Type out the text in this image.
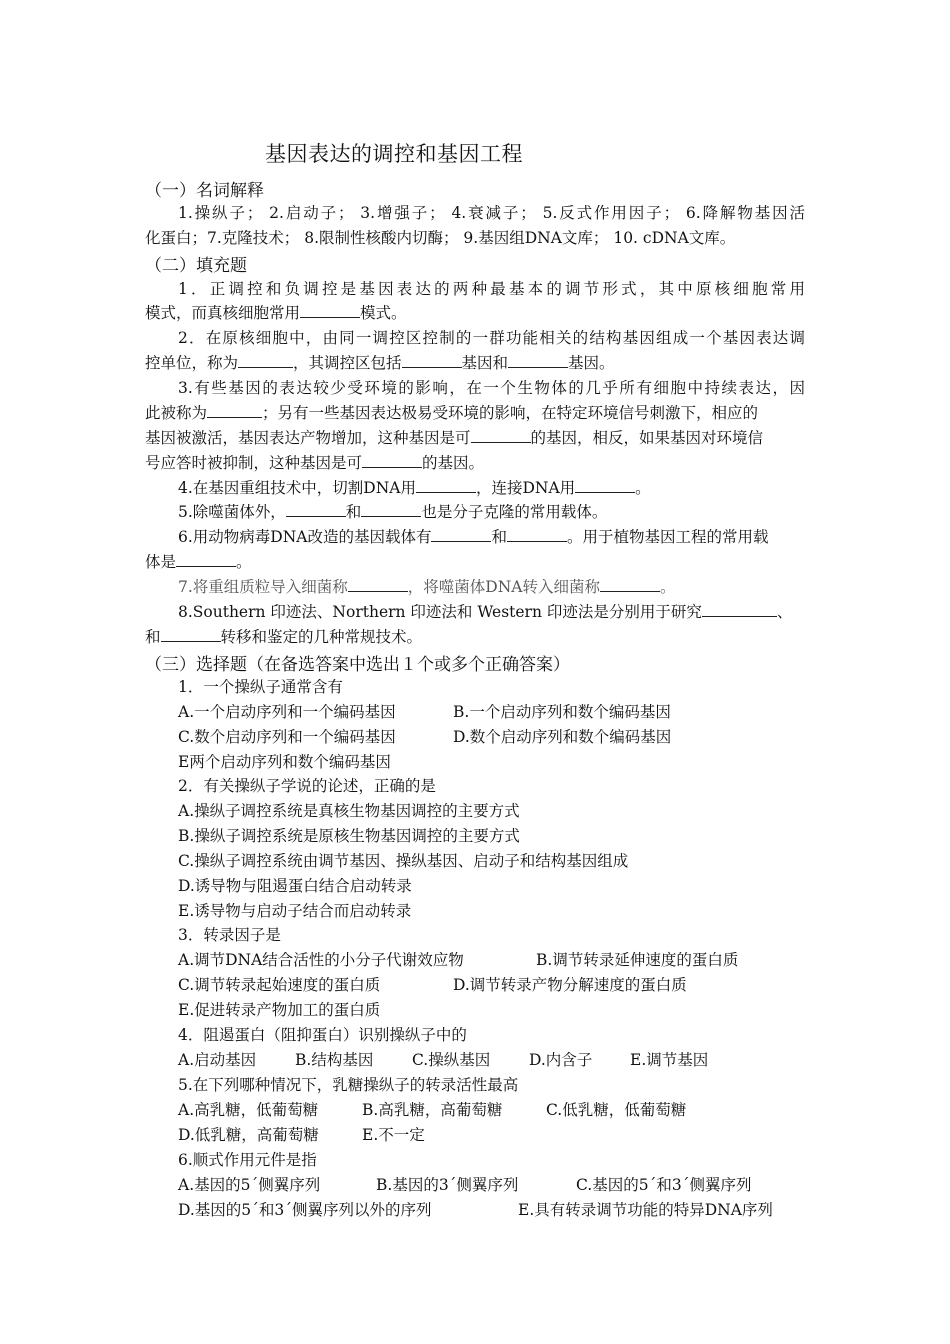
基因表达的调控和基因工程
（一）名词解释
1.操纵子； 2.启动子； 3.增强子； 4.衰减子； 5.反式作用因子； 6.降解物基因活
化蛋白；7.克隆技术； 8.限制性核酸内切酶； 9.基因组DNA文库； 10. cDNA文库。
（二）填充题
1．正调控和负调控是基因表达的两种最基本的调节形式，其中原核细胞常用
模式，而真核细胞常用	模式。
2．在原核细胞中，由同一调控区控制的一群功能相关的结构基因组成一个基因表达调
控单位，称为	，其调控区包括	基因和	基因。
3.有些基因的表达较少受环境的影响，在一个生物体的几乎所有细胞中持续表达，因
此被称为	；另有一些基因表达极易受环境的影响，在特定环境信号刺激下，相应的
基因被激活，基因表达产物增加，这种基因是可	的基因，相反，如果基因对环境信
号应答时被抑制，这种基因是可	的基因。
4.在基因重组技术中，切割DNA用	，连接DNA用	。
5.除噬菌体外，	和	也是分子克隆的常用载体。
6.用动物病毒DNA改造的基因载体有	和	。用于植物基因工程的常用载
体是	。
7.将重组质粒导入细菌称	，将噬菌体DNA转入细菌称	。
8.Southern 印迹法、Northern 印迹法和 Western 印迹法是分别用于研究	、
和	转移和鉴定的几种常规技术。
（三）选择题（在备选答案中选出１个或多个正确答案）
1．一个操纵子通常含有
A.一个启动序列和一个编码基因	B.一个启动序列和数个编码基因
C.数个启动序列和一个编码基因	D.数个启动序列和数个编码基因
E两个启动序列和数个编码基因
2．有关操纵子学说的论述，正确的是
A.操纵子调控系统是真核生物基因调控的主要方式
B.操纵子调控系统是原核生物基因调控的主要方式
C.操纵子调控系统由调节基因、操纵基因、启动子和结构基因组成
D.诱导物与阻遏蛋白结合启动转录
E.诱导物与启动子结合而启动转录
3．转录因子是
A.调节DNA结合活性的小分子代谢效应物	B.调节转录延伸速度的蛋白质
C.调节转录起始速度的蛋白质	D.调节转录产物分解速度的蛋白质
E.促进转录产物加工的蛋白质
4．阻遏蛋白（阻抑蛋白）识别操纵子中的
A.启动基因	B.结构基因 C.操纵基因	D.内含子 E.调节基因
5.在下列哪种情况下，乳糖操纵子的转录活性最高
A.高乳糖，低葡萄糖	B.高乳糖，高葡萄糖	C.低乳糖，低葡萄糖
D.低乳糖，高葡萄糖	E.不一定
6.顺式作用元件是指
A.基因的5ˊ侧翼序列	B.基因的3ˊ侧翼序列	C.基因的5ˊ和3ˊ侧翼序列
D.基因的5ˊ和3ˊ侧翼序列以外的序列	E.具有转录调节功能的特异DNA序列
